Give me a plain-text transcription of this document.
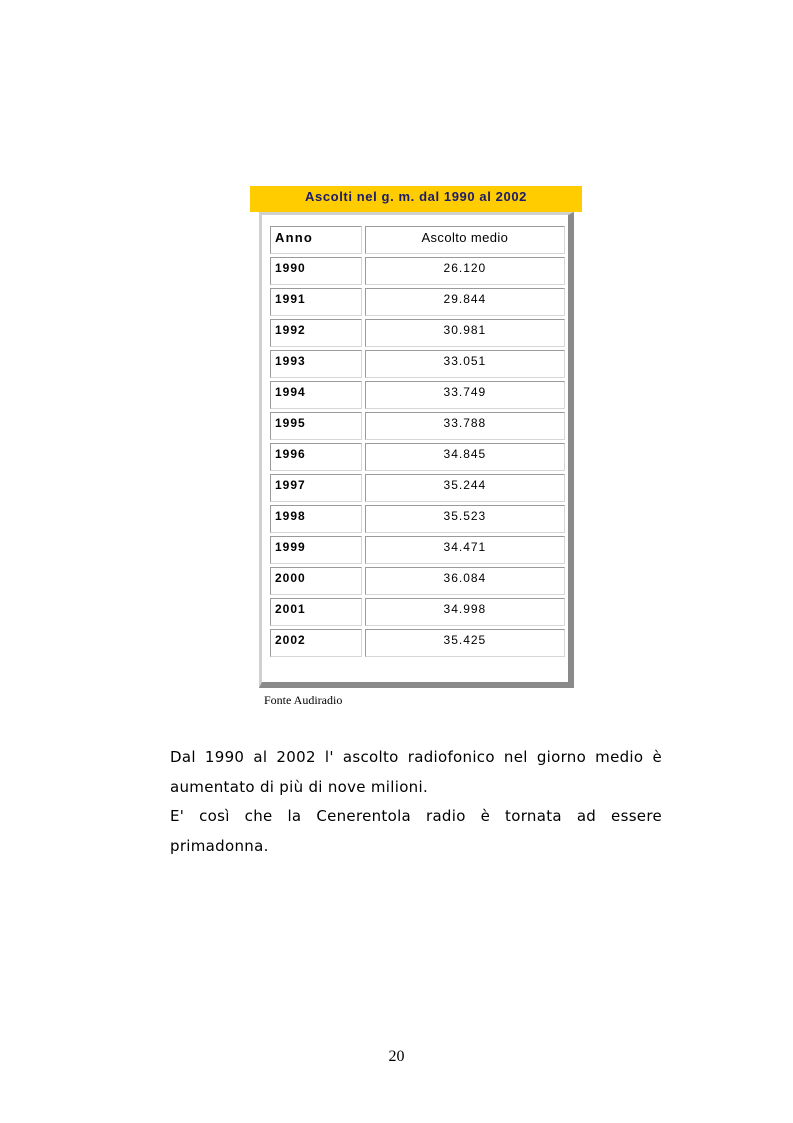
Ascolti nel g. m. dal 1990 al 2002
Anno	Ascolto medio
1990	26.120
1991	29.844
1992	30.981
1993	33.051
1994	33.749
1995	33.788
1996	34.845
1997	35.244
1998	35.523
1999	34.471
2000	36.084
2001	34.998
2002	35.425
Fonte Audiradio

Dal 1990 al 2002 l' ascolto radiofonico nel giorno medio è aumentato di più di nove milioni.

E' così che la Cenerentola radio è tornata ad essere primadonna.

20
